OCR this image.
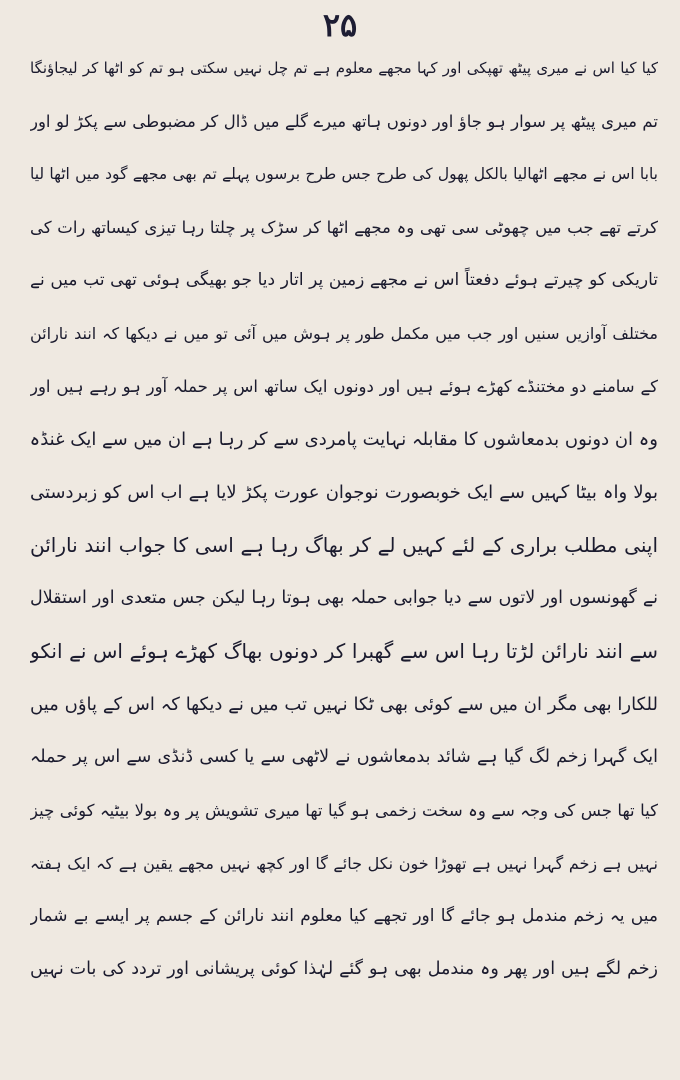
۲۵
کیا کیا اس نے میری پیٹھ تھپکی اور کہا مجھے معلوم ہے تم چل نہیں سکتی ہو تم کو اٹھا کر لیجاؤنگا
تم میری پیٹھ پر سوار ہو جاؤ اور دونوں ہاتھ میرے گلے میں ڈال کر مضبوطی سے پکڑ لو اور
بابا اس نے مجھے اٹھالیا بالکل پھول کی طرح جس طرح برسوں پہلے تم بھی مجھے گود میں اٹھا لیا
کرتے تھے جب میں چھوٹی سی تھی وہ مجھے اٹھا کر سڑک پر چلتا رہا تیزی کیساتھ رات کی
تاریکی کو چیرتے ہوئے دفعتاً اس نے مجھے زمین پر اتار دیا جو بھیگی ہوئی تھی تب میں نے
مختلف آوازیں سنیں اور جب میں مکمل طور پر ہوش میں آئی تو میں نے دیکھا کہ انند نارائن
کے سامنے دو مختنڈے کھڑے ہوئے ہیں اور دونوں ایک ساتھ اس پر حملہ آور ہو رہے ہیں اور
وہ ان دونوں بدمعاشوں کا مقابلہ نہایت پامردی سے کر رہا ہے ان میں سے ایک غنڈہ
بولا واہ بیٹا کہیں سے ایک خوبصورت نوجوان عورت پکڑ لایا ہے اب اس کو زبردستی
اپنی مطلب براری کے لئے کہیں لے کر بھاگ رہا ہے اسی کا جواب انند نارائن
نے گھونسوں اور لاتوں سے دیا جوابی حملہ بھی ہوتا رہا لیکن جس متعدی اور استقلال
سے انند نارائن لڑتا رہا اس سے گھبرا کر دونوں بھاگ کھڑے ہوئے اس نے انکو
للکارا بھی مگر ان میں سے کوئی بھی ٹکا نہیں تب میں نے دیکھا کہ اس کے پاؤں میں
ایک گہرا زخم لگ گیا ہے شائد بدمعاشوں نے لاٹھی سے یا کسی ڈنڈی سے اس پر حملہ
کیا تھا جس کی وجہ سے وہ سخت زخمی ہو گیا تھا میری تشویش پر وہ بولا بیٹیہ کوئی چیز
نہیں ہے زخم گہرا نہیں ہے تھوڑا خون نکل جائے گا اور کچھ نہیں مجھے یقین ہے کہ ایک ہفتہ
میں یہ زخم مندمل ہو جائے گا اور تجھے کیا معلوم انند نارائن کے جسم پر ایسے بے شمار
زخم لگے ہیں اور پھر وہ مندمل بھی ہو گئے لہٰذا کوئی پریشانی اور تردد کی بات نہیں
